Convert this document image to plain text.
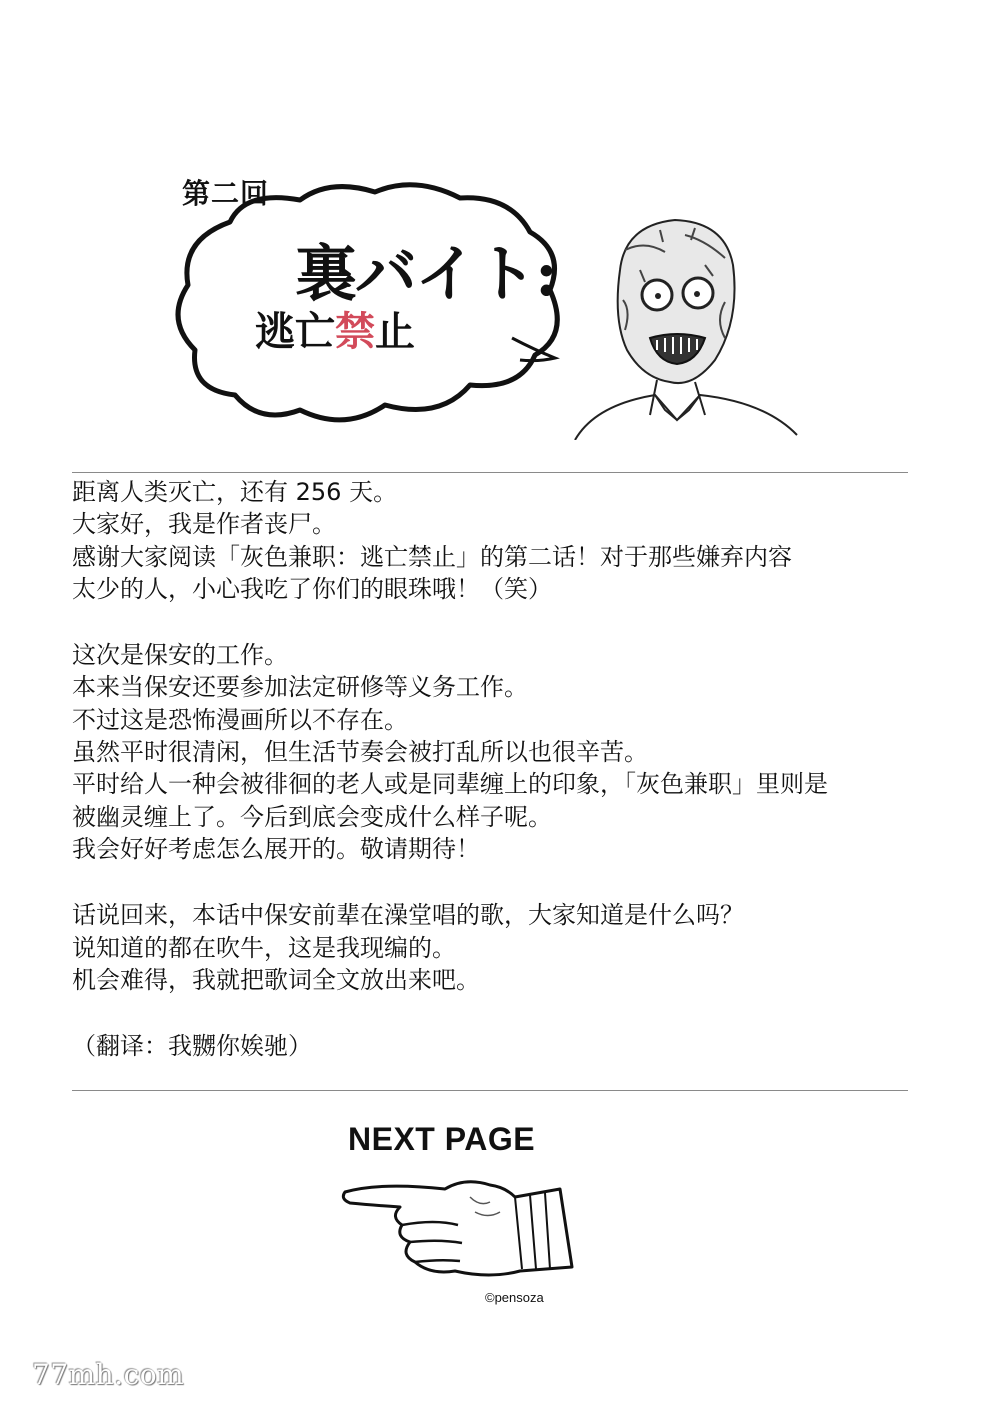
第二回
裏バイト:
逃亡禁止
距离人类灭亡，还有 256 天。
大家好，我是作者丧尸。
感谢大家阅读「灰色兼职：逃亡禁止」的第二话！对于那些嫌弃内容
太少的人，小心我吃了你们的眼珠哦！（笑）
这次是保安的工作。
本来当保安还要参加法定研修等义务工作。
不过这是恐怖漫画所以不存在。
虽然平时很清闲，但生活节奏会被打乱所以也很辛苦。
平时给人一种会被徘徊的老人或是同辈缠上的印象，「灰色兼职」里则是
被幽灵缠上了。今后到底会变成什么样子呢。
我会好好考虑怎么展开的。敬请期待！
话说回来，本话中保安前辈在澡堂唱的歌，大家知道是什么吗？
说知道的都在吹牛，这是我现编的。
机会难得，我就把歌词全文放出来吧。
（翻译：我嬲你娭驰）
NEXT PAGE
©pensoza
77mh.com
